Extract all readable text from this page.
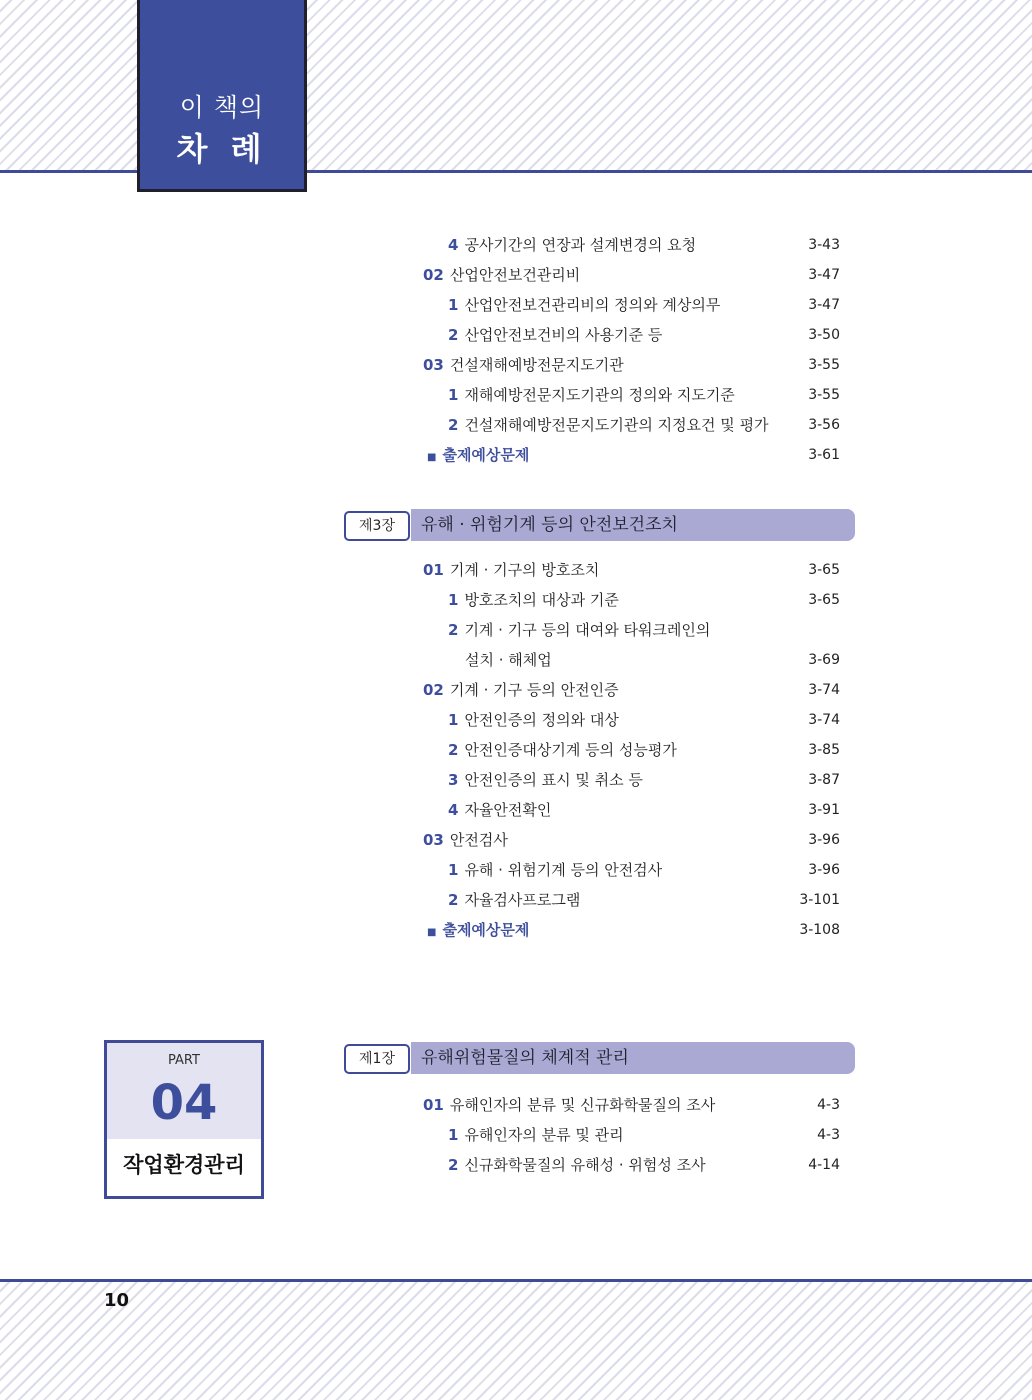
이 책의
차 례
4 공사기간의 연장과 설계변경의 요청	3-43
02 산업안전보건관리비	3-47
1 산업안전보건관리비의 정의와 계상의무	3-47
2 산업안전보건비의 사용기준 등	3-50
03 건설재해예방전문지도기관	3-55
1 재해예방전문지도기관의 정의와 지도기준	3-55
2 건설재해예방전문지도기관의 지정요건 및 평가	3-56
■ 출제예상문제	3-61
제3장	유해 · 위험기계 등의 안전보건조치
01 기계 · 기구의 방호조치	3-65
1 방호조치의 대상과 기준	3-65
2 기계 · 기구 등의 대여와 타워크레인의
설치 · 해체업	3-69
02 기계 · 기구 등의 안전인증	3-74
1 안전인증의 정의와 대상	3-74
2 안전인증대상기계 등의 성능평가	3-85
3 안전인증의 표시 및 취소 등	3-87
4 자율안전확인	3-91
03 안전검사	3-96
1 유해 · 위험기계 등의 안전검사	3-96
2 자율검사프로그램	3-101
■ 출제예상문제	3-108
PART
04
작업환경관리
제1장	유해위험물질의 체계적 관리
01 유해인자의 분류 및 신규화학물질의 조사	4-3
1 유해인자의 분류 및 관리	4-3
2 신규화학물질의 유해성 · 위험성 조사	4-14
10
